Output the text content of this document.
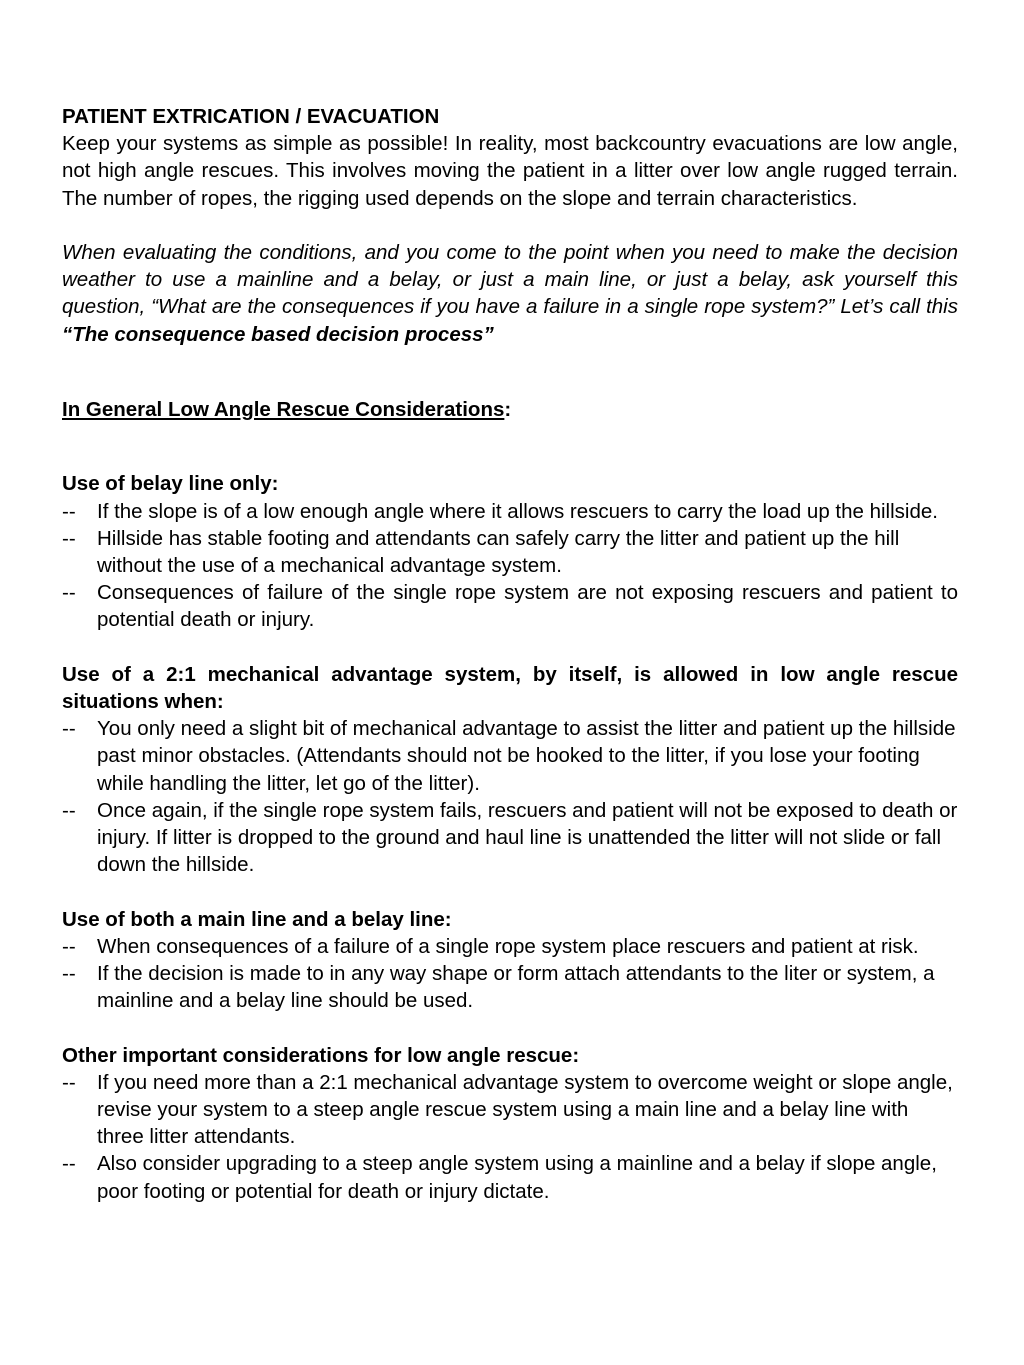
PATIENT EXTRICATION / EVACUATION

Keep your systems as simple as possible! In reality, most backcountry evacuations are low angle, not high angle rescues. This involves moving the patient in a litter over low angle rugged terrain. The number of ropes, the rigging used depends on the slope and terrain characteristics.

When evaluating the conditions, and you come to the point when you need to make the decision weather to use a mainline and a belay, or just a main line, or just a belay, ask yourself this question, “What are the consequences if you have a failure in a single rope system?” Let’s call this “The consequence based decision process”

In General Low Angle Rescue Considerations:

Use of belay line only:

-- If the slope is of a low enough angle where it allows rescuers to carry the load up the hillside.
-- Hillside has stable footing and attendants can safely carry the litter and patient up the hill without the use of a mechanical advantage system.
-- Consequences of failure of the single rope system are not exposing rescuers and patient to potential death or injury.

Use of a 2:1 mechanical advantage system, by itself, is allowed in low angle rescue situations when:

-- You only need a slight bit of mechanical advantage to assist the litter and patient up the hillside past minor obstacles. (Attendants should not be hooked to the litter, if you lose your footing while handling the litter, let go of the litter).
-- Once again, if the single rope system fails, rescuers and patient will not be exposed to death or injury. If litter is dropped to the ground and haul line is unattended the litter will not slide or fall down the hillside.

Use of both a main line and a belay line:

-- When consequences of a failure of a single rope system place rescuers and patient at risk.
-- If the decision is made to in any way shape or form attach attendants to the liter or system, a mainline and a belay line should be used.

Other important considerations for low angle rescue:

-- If you need more than a 2:1 mechanical advantage system to overcome weight or slope angle, revise your system to a steep angle rescue system using a main line and a belay line with three litter attendants.
-- Also consider upgrading to a steep angle system using a mainline and a belay if slope angle, poor footing or potential for death or injury dictate.
